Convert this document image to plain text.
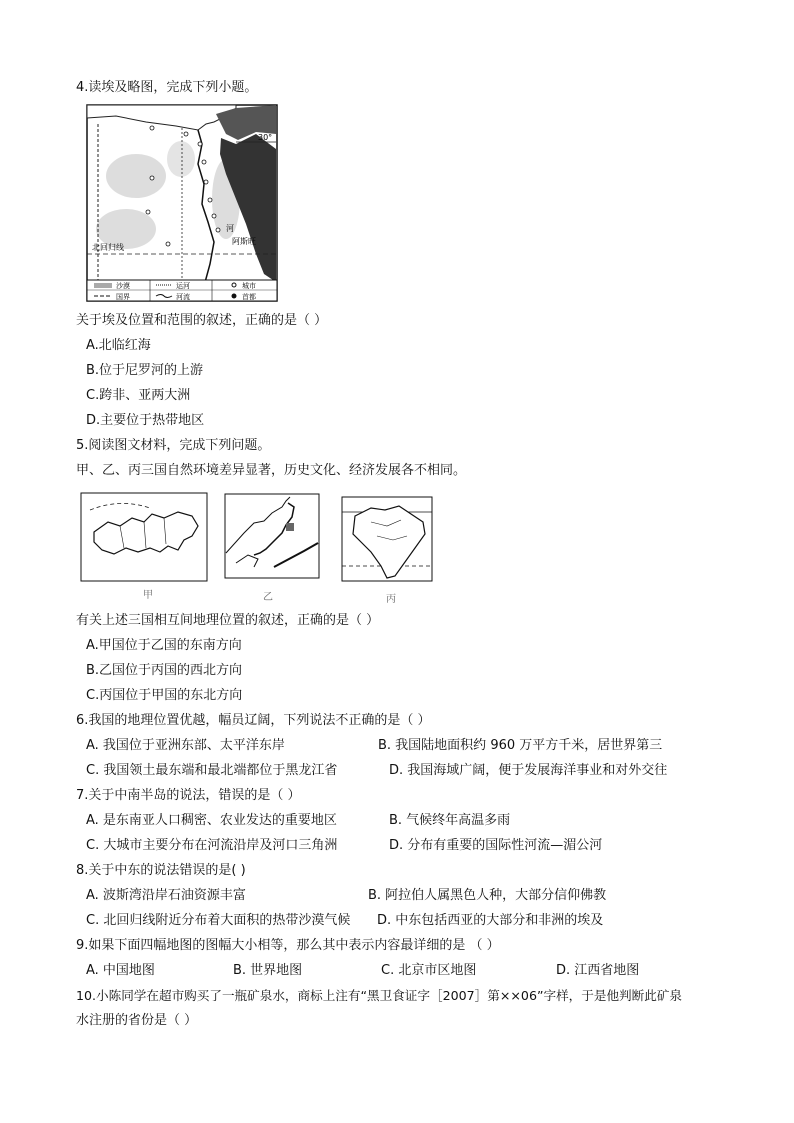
4.读埃及略图，完成下列小题。
30°
河
阿斯旺
北回归线
沙漠	运河	城市
国界	河流	首都
关于埃及位置和范围的叙述，正确的是（ ）
A.北临红海
B.位于尼罗河的上游
C.跨非、亚两大洲
D.主要位于热带地区
5.阅读图文材料，完成下列问题。
甲、乙、丙三国自然环境差异显著，历史文化、经济发展各不相同。
甲	乙	丙
有关上述三国相互间地理位置的叙述，正确的是（ ）
A.甲国位于乙国的东南方向
B.乙国位于丙国的西北方向
C.丙国位于甲国的东北方向
6.我国的地理位置优越，幅员辽阔，下列说法不正确的是（ ）
A. 我国位于亚洲东部、太平洋东岸	B. 我国陆地面积约 960 万平方千米，居世界第三
C. 我国领土最东端和最北端都位于黑龙江省	D. 我国海域广阔，便于发展海洋事业和对外交往
7.关于中南半岛的说法，错误的是（ ）
A. 是东南亚人口稠密、农业发达的重要地区	B. 气候终年高温多雨
C. 大城市主要分布在河流沿岸及河口三角洲	D. 分布有重要的国际性河流—湄公河
8.关于中东的说法错误的是( )
A. 波斯湾沿岸石油资源丰富	B. 阿拉伯人属黑色人种，大部分信仰佛教
C. 北回归线附近分布着大面积的热带沙漠气候 D. 中东包括西亚的大部分和非洲的埃及
9.如果下面四幅地图的图幅大小相等，那么其中表示内容最详细的是 （ ）
A. 中国地图	B. 世界地图	C. 北京市区地图	D. 江西省地图
10.小陈同学在超市购买了一瓶矿泉水，商标上注有“黑卫食证字［2007］第××06”字样，于是他判断此矿泉
水注册的省份是（ ）
